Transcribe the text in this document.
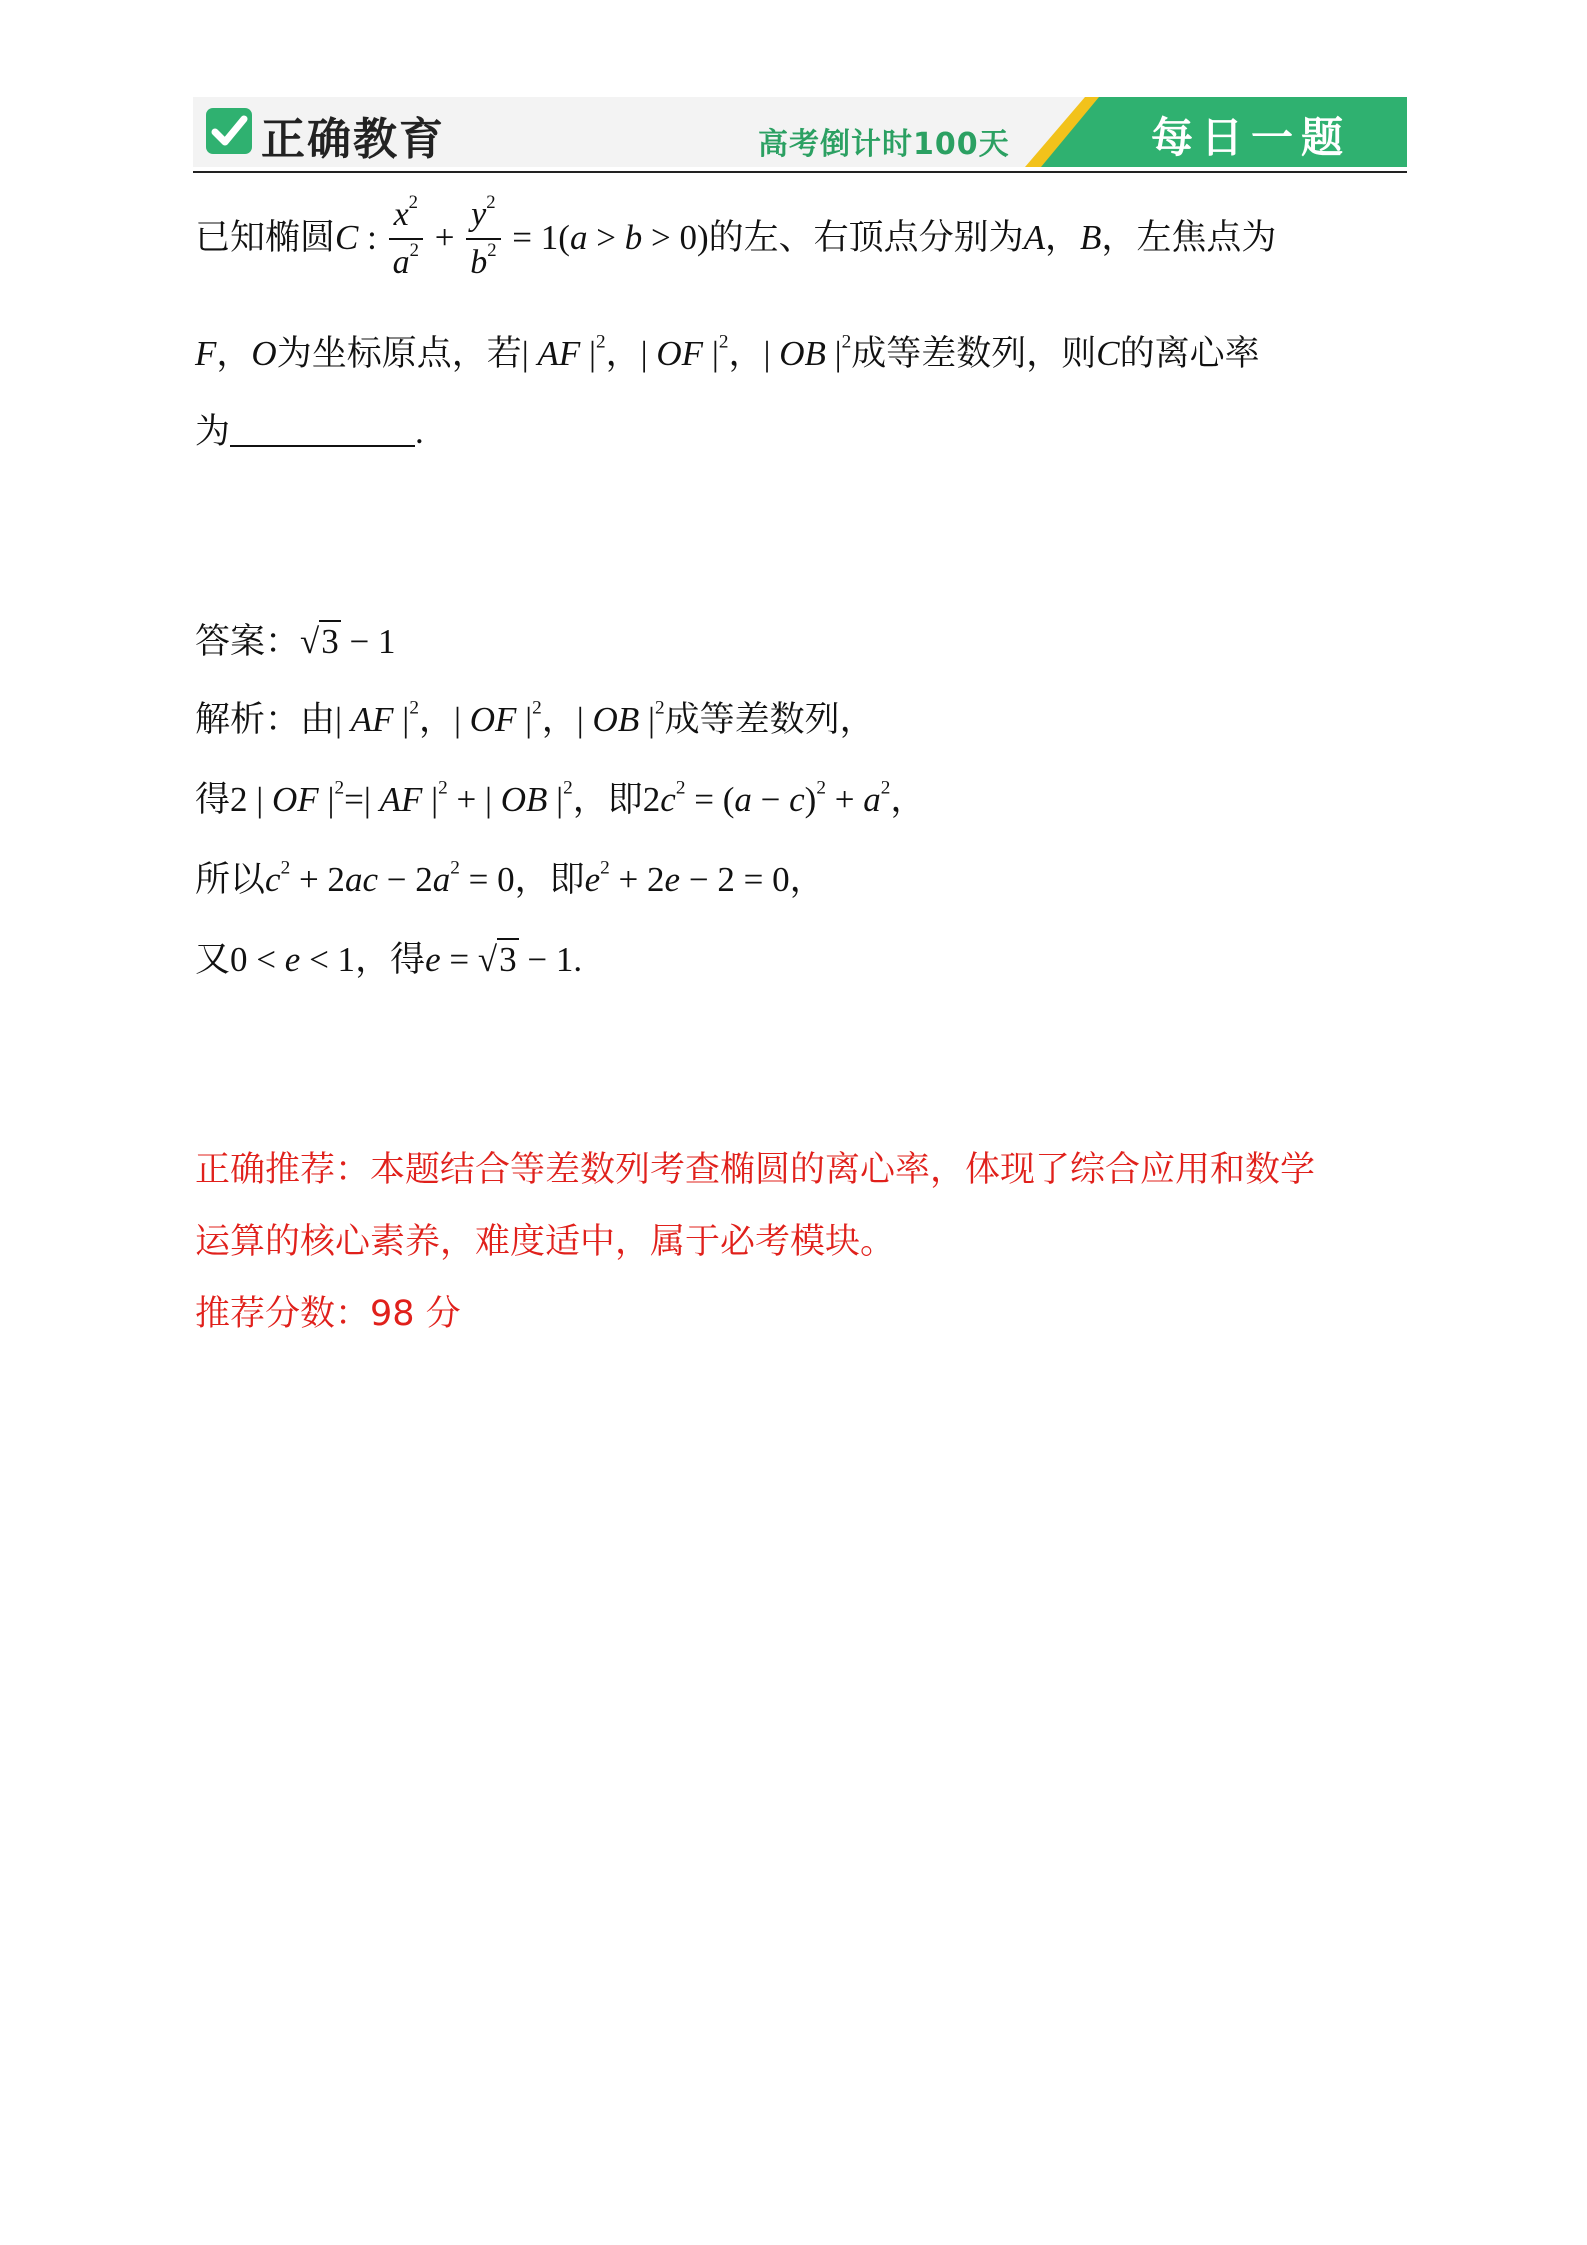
正确教育	高考倒计时100天	每日一题
已知椭圆C : $\frac{x^2}{a^2} + \frac{y^2}{b^2} = 1(a > b > 0)$的左、右顶点分别为A，B，左焦点为
F，O为坐标原点，若| AF $|^2$，| OF $|^2$，| OB $|^2$成等差数列，则C的离心率
为	.
答案：√3 − 1
解析：由| AF $|^2$，| OF $|^2$，| OB $|^2$成等差数列，
得2 | OF $|^2=|$ AF $|^2$ + | OB $|^2$，即$2c^2 = (a - c)^2 + a^2$，
所以$c^2 + 2ac - 2a^2 = 0$，即$e^2 + 2e - 2 = 0$，
又0 < e < 1，得e = √3 − 1.
正确推荐：本题结合等差数列考查椭圆的离心率，体现了综合应用和数学
运算的核心素养，难度适中，属于必考模块。
推荐分数：98 分
